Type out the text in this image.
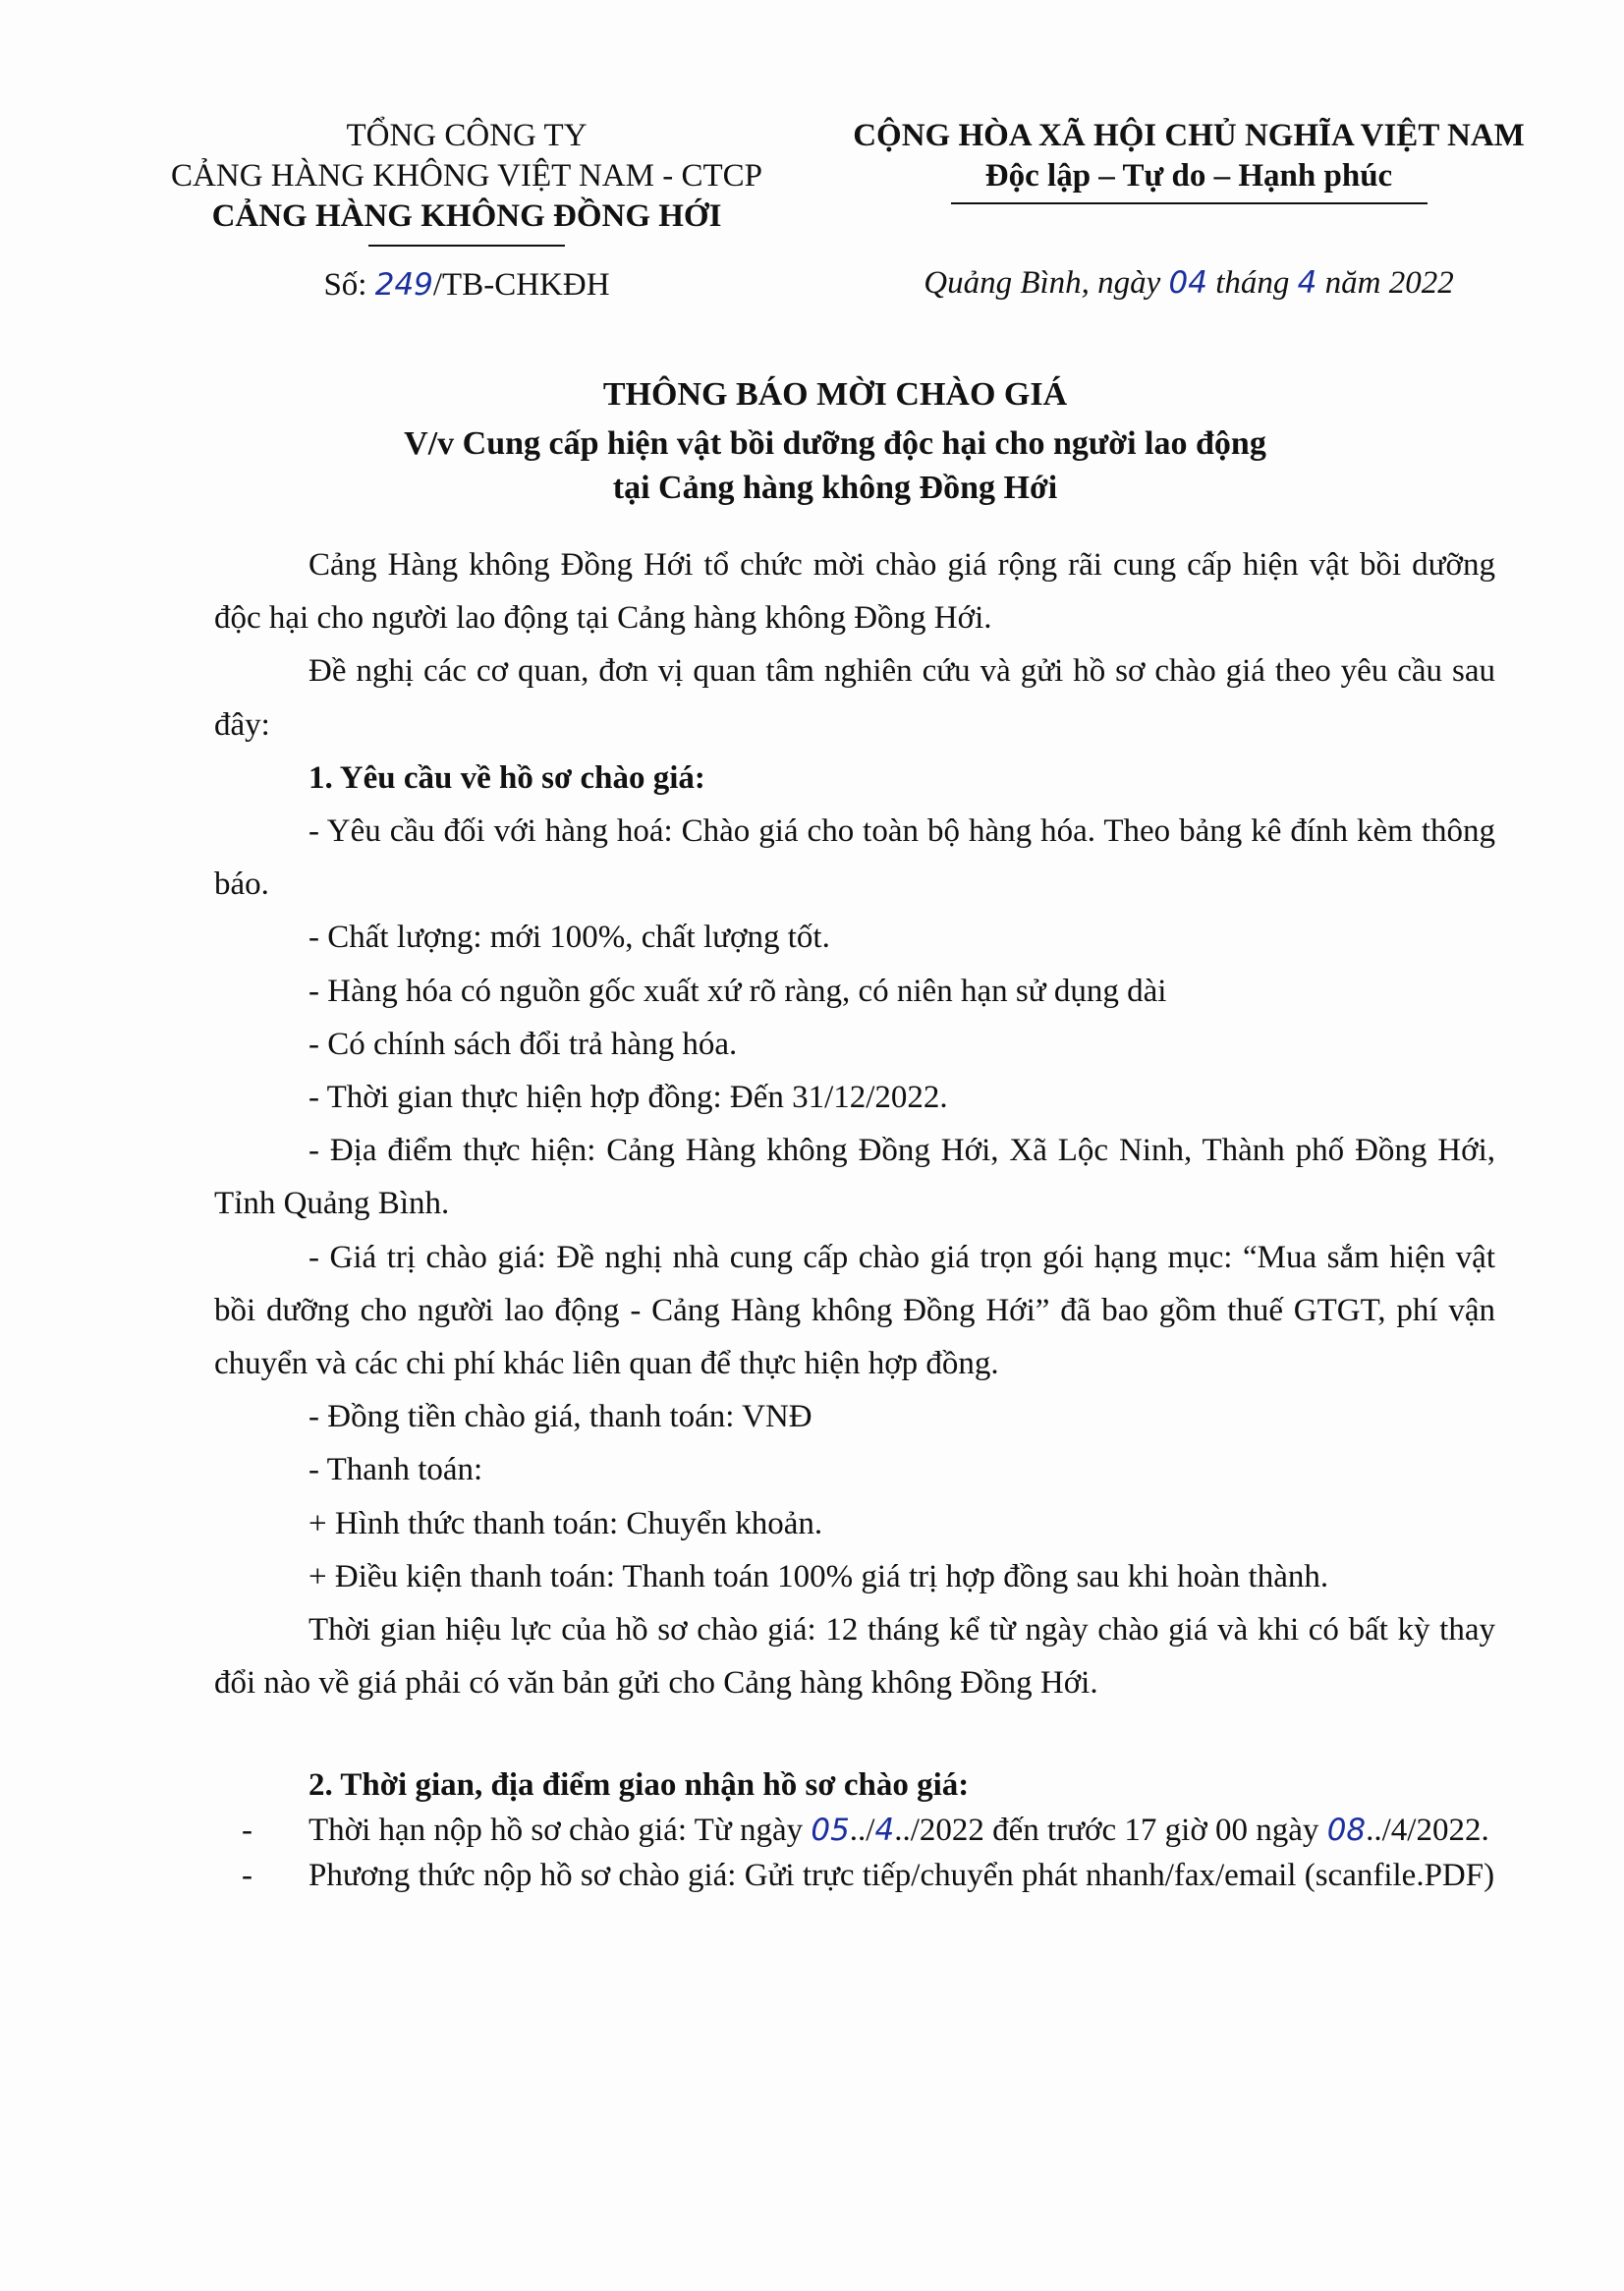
TỔNG CÔNG TY
CẢNG HÀNG KHÔNG VIỆT NAM - CTCP
CẢNG HÀNG KHÔNG ĐỒNG HỚI
CỘNG HÒA XÃ HỘI CHỦ NGHĨA VIỆT NAM
Độc lập – Tự do – Hạnh phúc
Số: 249/TB-CHKĐH	Quảng Bình, ngày 04 tháng 4 năm 2022
THÔNG BÁO MỜI CHÀO GIÁ
V/v Cung cấp hiện vật bồi dưỡng độc hại cho người lao động
tại Cảng hàng không Đồng Hới

Cảng Hàng không Đồng Hới tổ chức mời chào giá rộng rãi cung cấp hiện vật bồi dưỡng độc hại cho người lao động tại Cảng hàng không Đồng Hới.

Đề nghị các cơ quan, đơn vị quan tâm nghiên cứu và gửi hồ sơ chào giá theo yêu cầu sau đây:

1. Yêu cầu về hồ sơ chào giá:

- Yêu cầu đối với hàng hoá: Chào giá cho toàn bộ hàng hóa. Theo bảng kê đính kèm thông báo.

- Chất lượng: mới 100%, chất lượng tốt.

- Hàng hóa có nguồn gốc xuất xứ rõ ràng, có niên hạn sử dụng dài

- Có chính sách đổi trả hàng hóa.

- Thời gian thực hiện hợp đồng: Đến 31/12/2022.

- Địa điểm thực hiện: Cảng Hàng không Đồng Hới, Xã Lộc Ninh, Thành phố Đồng Hới, Tỉnh Quảng Bình.

- Giá trị chào giá: Đề nghị nhà cung cấp chào giá trọn gói hạng mục: “Mua sắm hiện vật bồi dưỡng cho người lao động - Cảng Hàng không Đồng Hới” đã bao gồm thuế GTGT, phí vận chuyển và các chi phí khác liên quan để thực hiện hợp đồng.

- Đồng tiền chào giá, thanh toán: VNĐ

- Thanh toán:

+ Hình thức thanh toán: Chuyển khoản.

+ Điều kiện thanh toán: Thanh toán 100% giá trị hợp đồng sau khi hoàn thành.

Thời gian hiệu lực của hồ sơ chào giá: 12 tháng kể từ ngày chào giá và khi có bất kỳ thay đổi nào về giá phải có văn bản gửi cho Cảng hàng không Đồng Hới.

2. Thời gian, địa điểm giao nhận hồ sơ chào giá:

- Thời hạn nộp hồ sơ chào giá: Từ ngày 05../4../2022 đến trước 17 giờ 00 ngày 08../4/2022.
- Phương thức nộp hồ sơ chào giá: Gửi trực tiếp/chuyển phát nhanh/fax/email (scanfile.PDF)
